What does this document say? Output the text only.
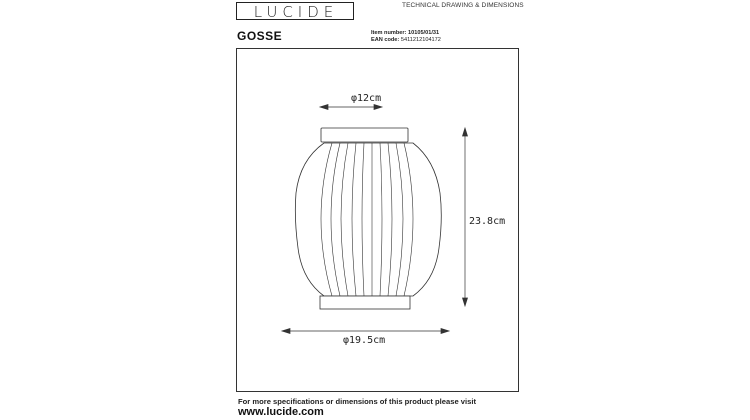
LUCIDE	TECHNICAL DRAWING & DIMENSIONS
GOSSE	Item number: 10105/01/31
EAN code: 5411212104172
φ12cm
23.8cm
φ19.5cm
For more specifications or dimensions of this product please visit
www.lucide.com
